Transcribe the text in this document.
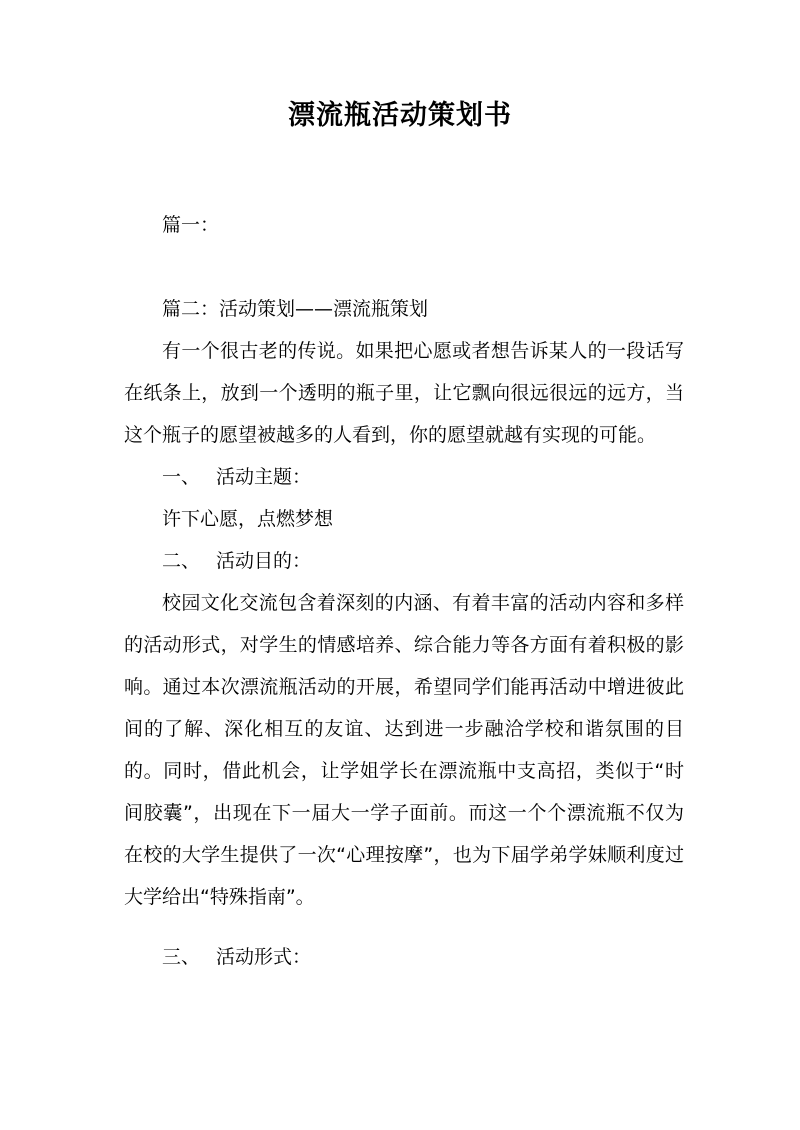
漂流瓶活动策划书

篇一：

篇二：活动策划——漂流瓶策划

有一个很古老的传说。如果把心愿或者想告诉某人的一段话写在纸条上，放到一个透明的瓶子里，让它飘向很远很远的远方，当这个瓶子的愿望被越多的人看到，你的愿望就越有实现的可能。

一、 活动主题：

许下心愿，点燃梦想

二、 活动目的：

校园文化交流包含着深刻的内涵、有着丰富的活动内容和多样的活动形式，对学生的情感培养、综合能力等各方面有着积极的影响。通过本次漂流瓶活动的开展，希望同学们能再活动中增进彼此间的了解、深化相互的友谊、达到进一步融洽学校和谐氛围的目的。同时，借此机会，让学姐学长在漂流瓶中支高招，类似于“时间胶囊”，出现在下一届大一学子面前。而这一个个漂流瓶不仅为在校的大学生提供了一次“心理按摩”，也为下届学弟学妹顺利度过大学给出“特殊指南”。

三、 活动形式：
